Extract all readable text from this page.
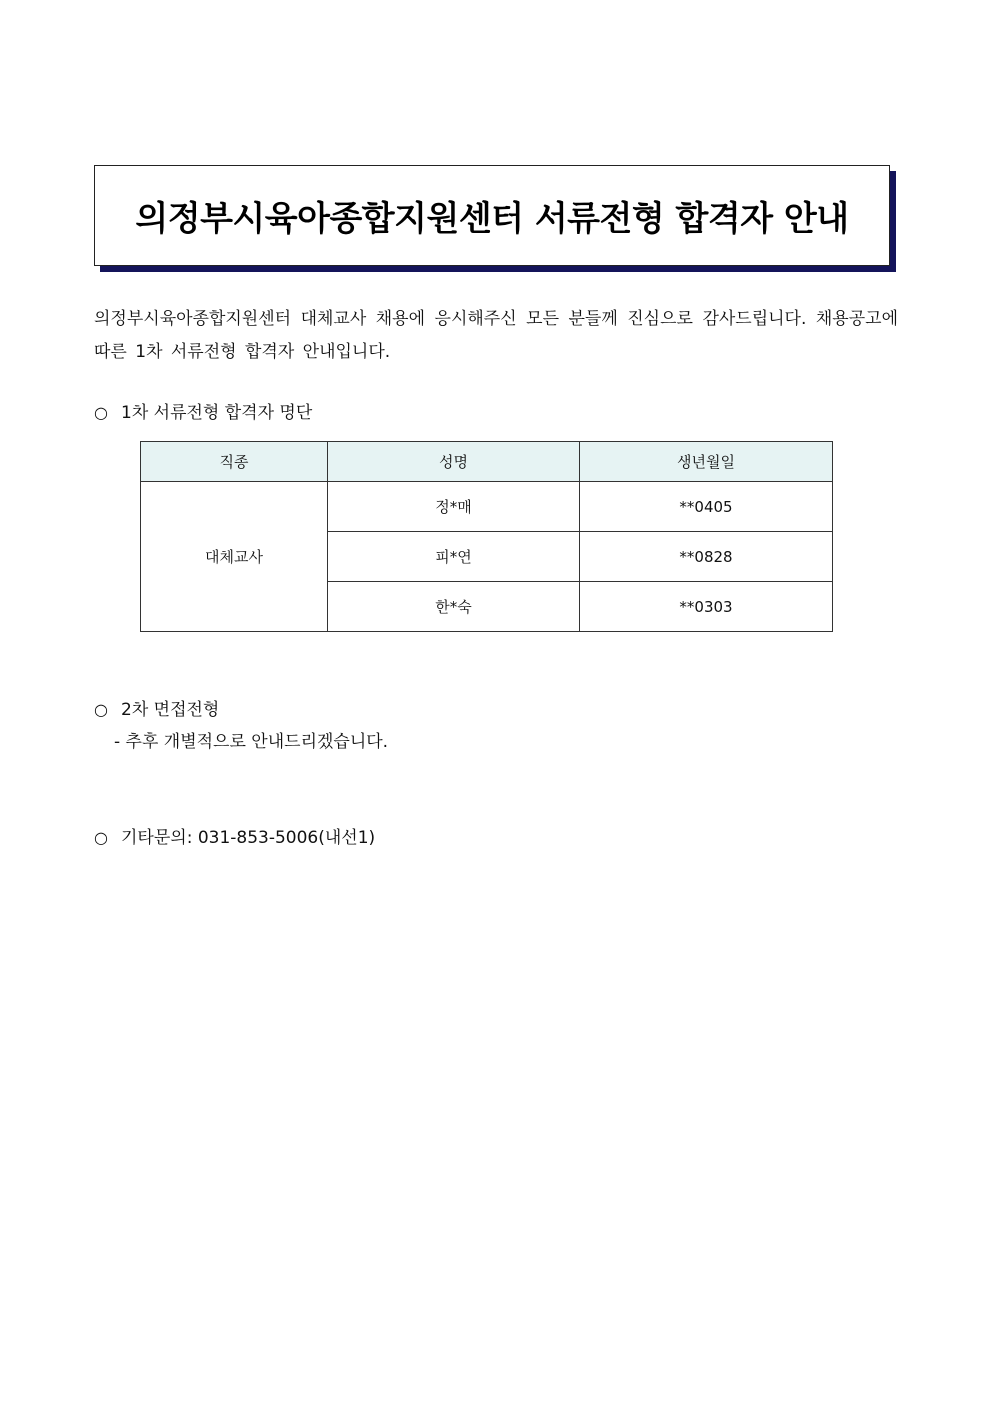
의정부시육아종합지원센터 서류전형 합격자 안내
의정부시육아종합지원센터 대체교사 채용에 응시해주신 모든 분들께 진심으로 감사드립니다. 채용공고에 따른 1차 서류전형 합격자 안내입니다.
○ 1차 서류전형 합격자 명단
직종	성명	생년월일
대체교사	정*매	**0405
	피*연	**0828
	한*숙	**0303
○ 2차 면접전형
- 추후 개별적으로 안내드리겠습니다.
○ 기타문의: 031-853-5006(내선1)
